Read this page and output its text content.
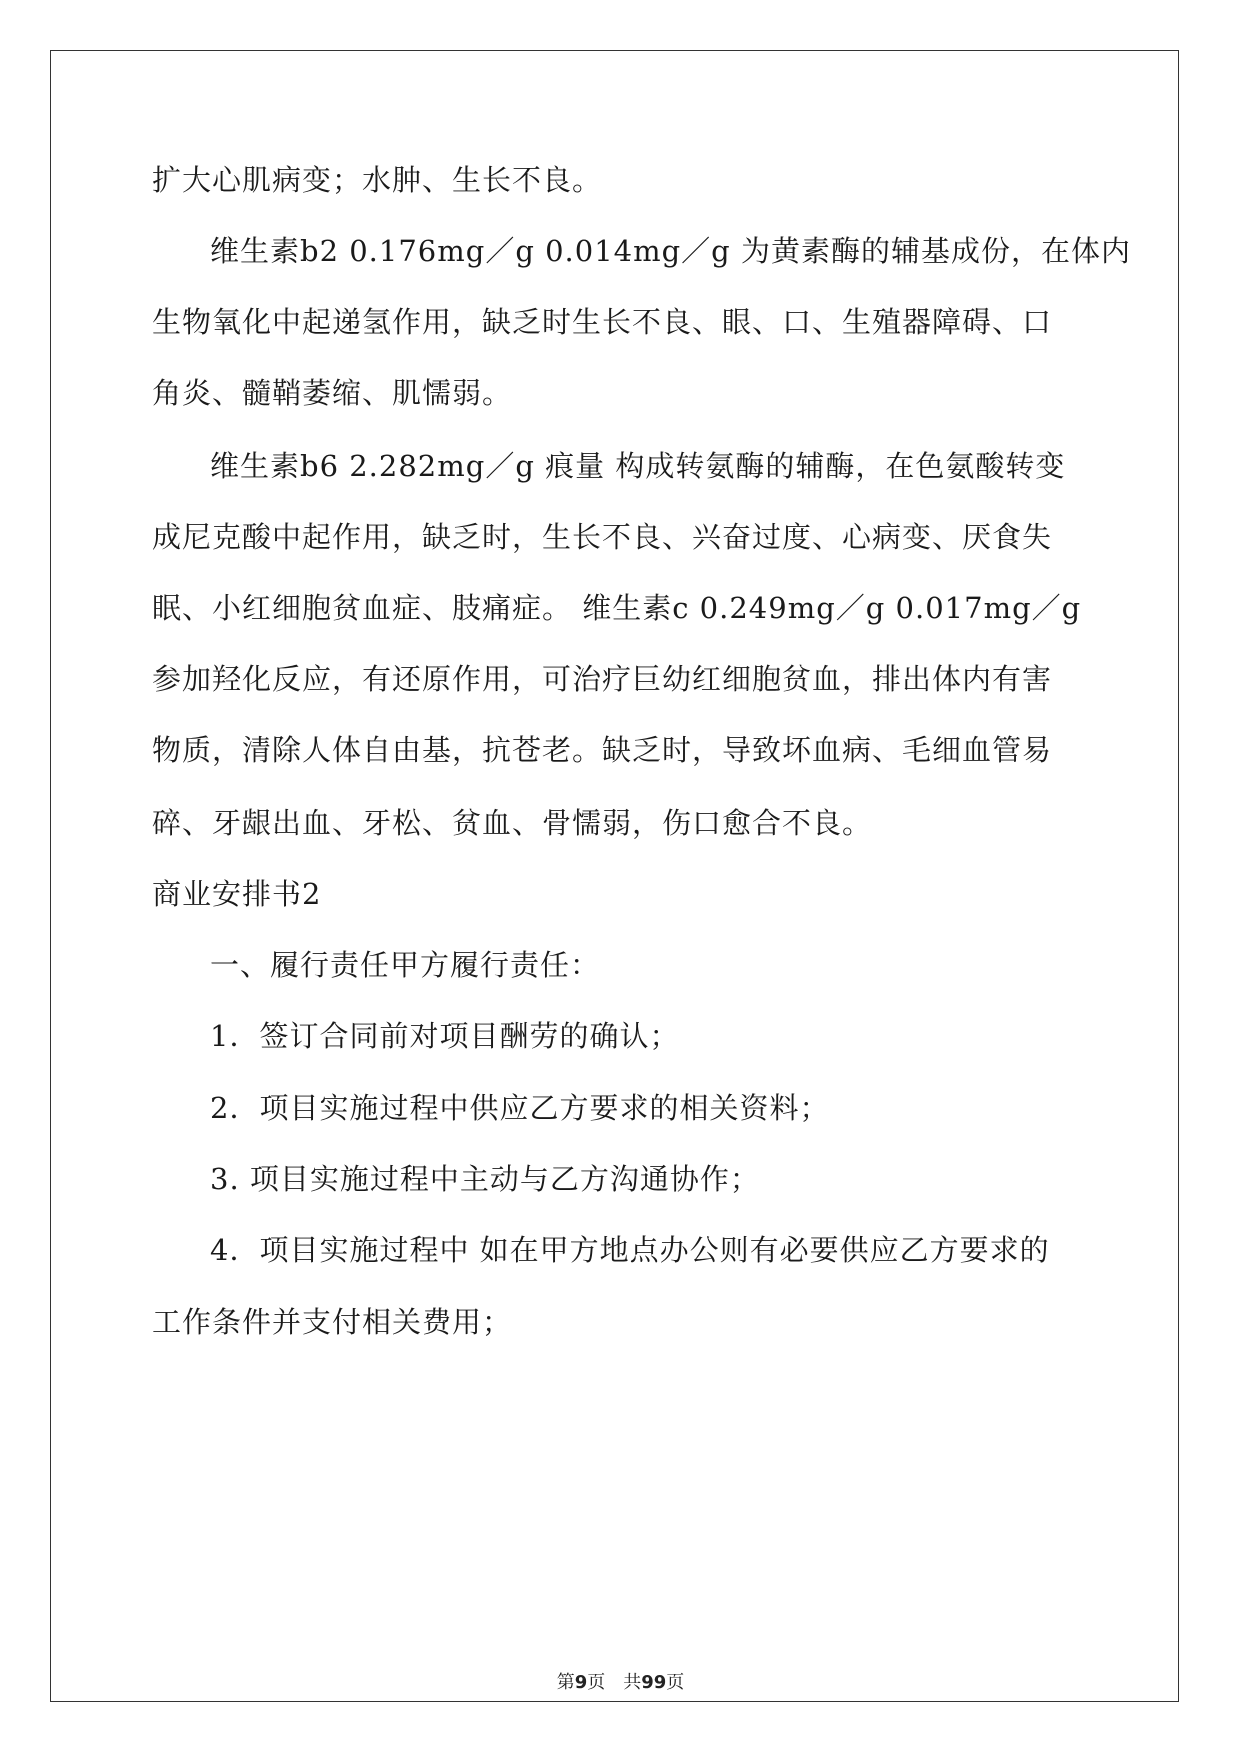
扩大心肌病变；水肿、生长不良。
维生素b2 0.176mg／g 0.014mg／g 为黄素酶的辅基成份，在体内
生物氧化中起递氢作用，缺乏时生长不良、眼、口、生殖器障碍、口
角炎、髓鞘萎缩、肌懦弱。
维生素b6 2.282mg／g 痕量 构成转氨酶的辅酶，在色氨酸转变
成尼克酸中起作用，缺乏时，生长不良、兴奋过度、心病变、厌食失
眠、小红细胞贫血症、肢痛症。 维生素c 0.249mg／g 0.017mg／g
参加羟化反应，有还原作用，可治疗巨幼红细胞贫血，排出体内有害
物质，清除人体自由基，抗苍老。缺乏时，导致坏血病、毛细血管易
碎、牙龈出血、牙松、贫血、骨懦弱，伤口愈合不良。
商业安排书2
一、履行责任甲方履行责任：
1．签订合同前对项目酬劳的确认；
2．项目实施过程中供应乙方要求的相关资料；
3. 项目实施过程中主动与乙方沟通协作；
4．项目实施过程中 如在甲方地点办公则有必要供应乙方要求的
工作条件并支付相关费用；
第9页　共99页
